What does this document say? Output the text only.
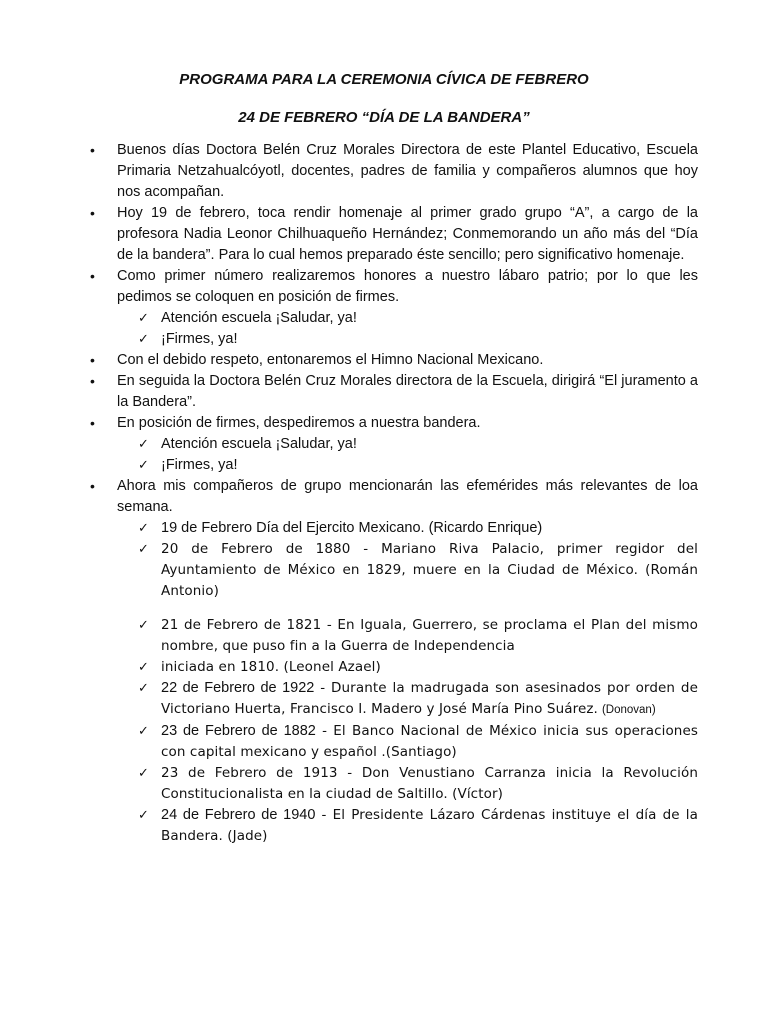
PROGRAMA PARA LA CEREMONIA CÍVICA DE FEBRERO
24 DE FEBRERO “DÍA DE LA BANDERA”
• Buenos días Doctora Belén Cruz Morales Directora de este Plantel Educativo, Escuela Primaria Netzahualcóyotl, docentes, padres de familia y compañeros alumnos que hoy nos acompañan.
• Hoy 19 de febrero, toca rendir homenaje al primer grado grupo “A”, a cargo de la profesora Nadia Leonor Chilhuaqueño Hernández; Conmemorando un año más del “Día de la bandera”. Para lo cual hemos preparado éste sencillo; pero significativo homenaje.
• Como primer número realizaremos honores a nuestro lábaro patrio; por lo que les pedimos se coloquen en posición de firmes.
✓ Atención escuela ¡Saludar, ya!
✓ ¡Firmes, ya!
• Con el debido respeto, entonaremos el Himno Nacional Mexicano.
• En seguida la Doctora Belén Cruz Morales directora de la Escuela, dirigirá “El juramento a la Bandera”.
• En posición de firmes, despediremos a nuestra bandera.
✓ Atención escuela ¡Saludar, ya!
✓ ¡Firmes, ya!
• Ahora mis compañeros de grupo mencionarán las efemérides más relevantes de loa semana.
✓ 19 de Febrero Día del Ejercito Mexicano. (Ricardo Enrique)
✓ 20 de Febrero de 1880 - Mariano Riva Palacio, primer regidor del Ayuntamiento de México en 1829, muere en la Ciudad de México. (Román Antonio)
✓ 21 de Febrero de 1821 - En Iguala, Guerrero, se proclama el Plan del mismo nombre, que puso fin a la Guerra de Independencia
✓ iniciada en 1810. (Leonel Azael)
✓ 22 de Febrero de 1922 - Durante la madrugada son asesinados por orden de Victoriano Huerta, Francisco I. Madero y José María Pino Suárez. (Donovan)
✓ 23 de Febrero de 1882 - El Banco Nacional de México inicia sus operaciones con capital mexicano y español .(Santiago)
✓ 23 de Febrero de 1913 - Don Venustiano Carranza inicia la Revolución Constitucionalista en la ciudad de Saltillo. (Víctor)
✓ 24 de Febrero de 1940 - El Presidente Lázaro Cárdenas instituye el día de la Bandera. (Jade)
